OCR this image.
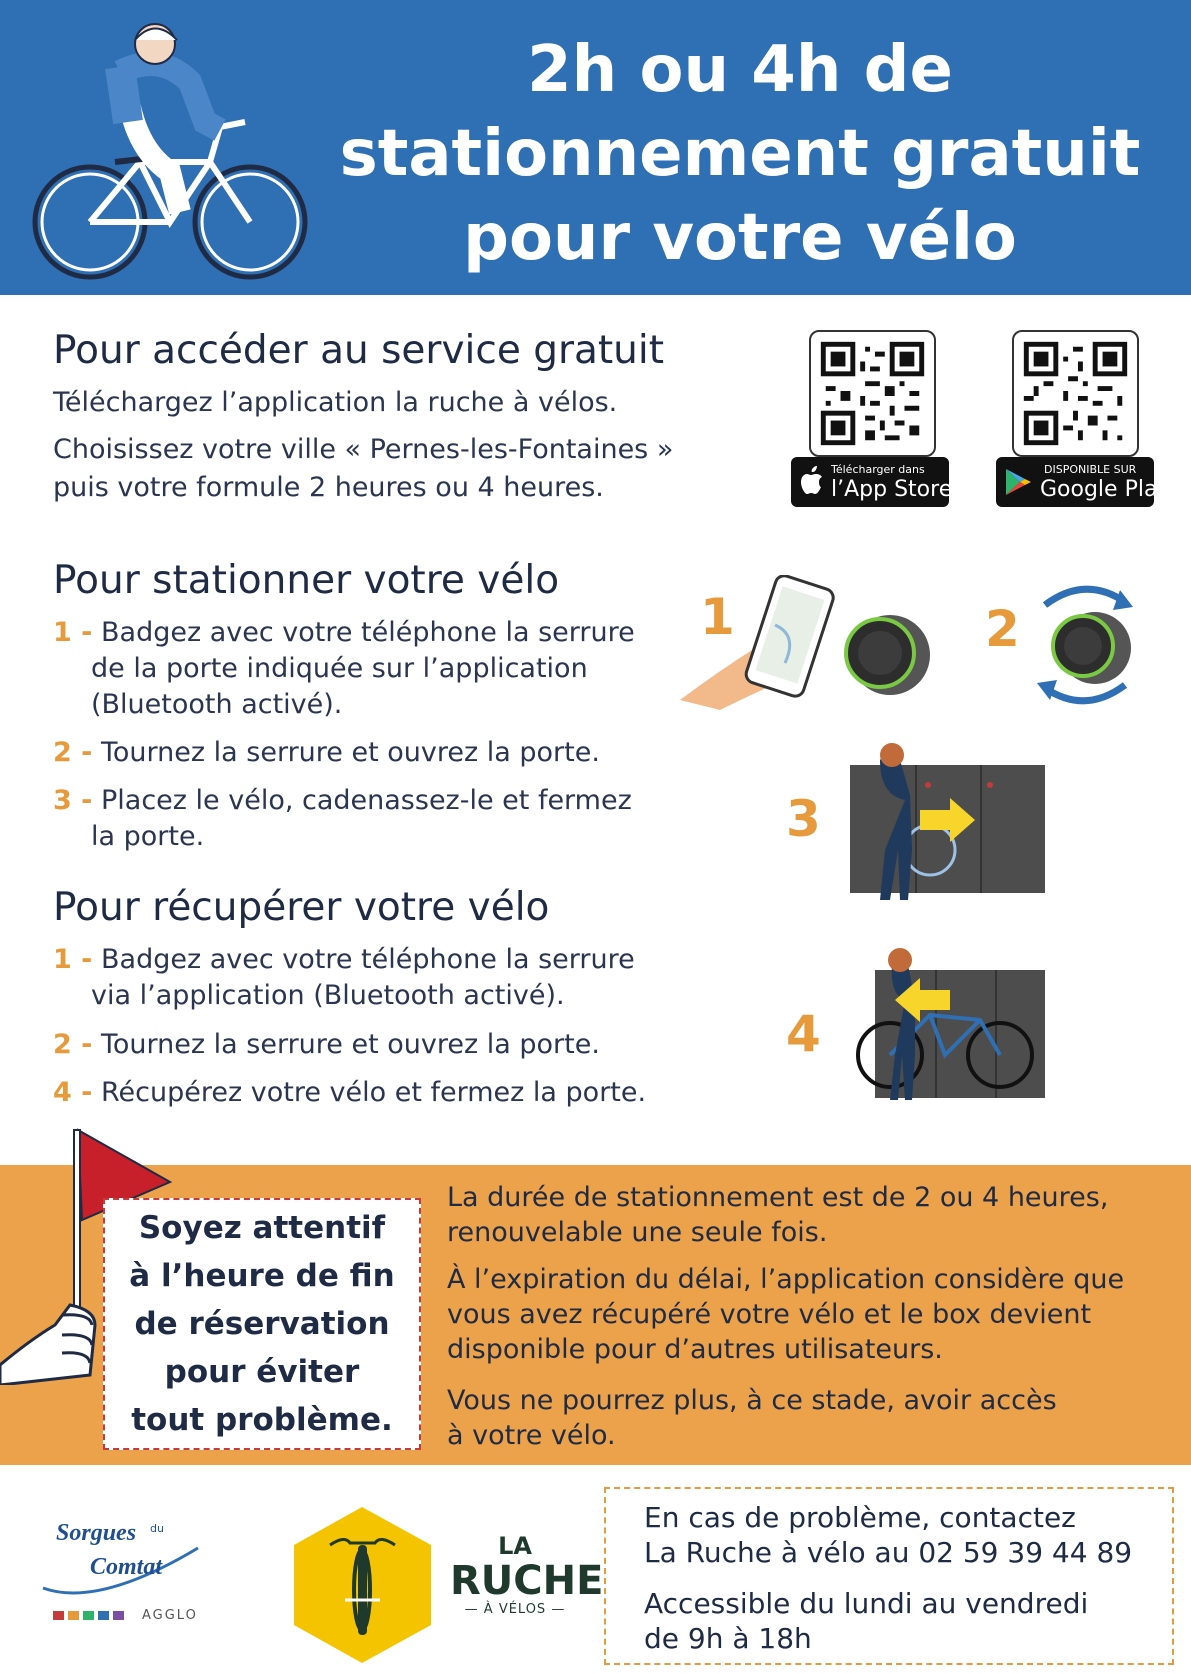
2h ou 4h de
stationnement gratuit
pour votre vélo
Pour accéder au service gratuit
Téléchargez l’application la ruche à vélos.
Choisissez votre ville « Pernes-les-Fontaines »
puis votre formule 2 heures ou 4 heures.
Télécharger dans
l’App Store
DISPONIBLE SUR
Google Play
Pour stationner votre vélo
1 - Badgez avec votre téléphone la serrure
de la porte indiquée sur l’application
(Bluetooth activé).
2 - Tournez la serrure et ouvrez la porte.
3 - Placez le vélo, cadenassez-le et fermez
la porte.
Pour récupérer votre vélo
1 - Badgez avec votre téléphone la serrure
via l’application (Bluetooth activé).
2 - Tournez la serrure et ouvrez la porte.
4 - Récupérez votre vélo et fermez la porte.
1	2
3
4
Soyez attentif
à l’heure de fin
de réservation
pour éviter
tout problème.
La durée de stationnement est de 2 ou 4 heures,
renouvelable une seule fois.
À l’expiration du délai, l’application considère que
vous avez récupéré votre vélo et le box devient
disponible pour d’autres utilisateurs.
Vous ne pourrez plus, à ce stade, avoir accès
à votre vélo.
Sorgues du
Comtat
AGGLO
LA
RUCHE
— À VÉLOS —
En cas de problème, contactez
La Ruche à vélo au 02 59 39 44 89
Accessible du lundi au vendredi
de 9h à 18h
